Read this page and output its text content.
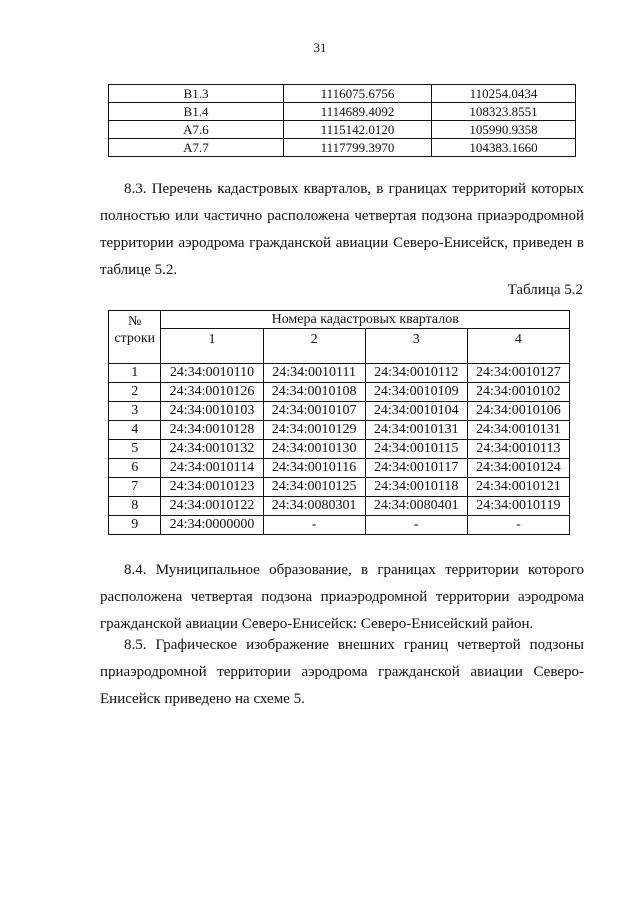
31
В1.3	1116075.6756	110254.0434
В1.4	1114689.4092	108323.8551
А7.6	1115142.0120	105990.9358
А7.7	1117799.3970	104383.1660
8.3. Перечень кадастровых кварталов, в границах территорий которых полностью или частично расположена четвертая подзона приаэродромной территории аэродрома гражданской авиации Северо-Енисейск, приведен в таблице 5.2.
Таблица 5.2
№ строки	Номера кадастровых кварталов			
	1	2	3	4
1	24:34:0010110	24:34:0010111	24:34:0010112	24:34:0010127
2	24:34:0010126	24:34:0010108	24:34:0010109	24:34:0010102
3	24:34:0010103	24:34:0010107	24:34:0010104	24:34:0010106
4	24:34:0010128	24:34:0010129	24:34:0010131	24:34:0010131
5	24:34:0010132	24:34:0010130	24:34:0010115	24:34:0010113
6	24:34:0010114	24:34:0010116	24:34:0010117	24:34:0010124
7	24:34:0010123	24:34:0010125	24:34:0010118	24:34:0010121
8	24:34:0010122	24:34:0080301	24:34:0080401	24:34:0010119
9	24:34:0000000	-	-	-
8.4. Муниципальное образование, в границах территории которого расположена четвертая подзона приаэродромной территории аэродрома гражданской авиации Северо-Енисейск: Северо-Енисейский район.
8.5. Графическое изображение внешних границ четвертой подзоны приаэродромной территории аэродрома гражданской авиации Северо-Енисейск приведено на схеме 5.
